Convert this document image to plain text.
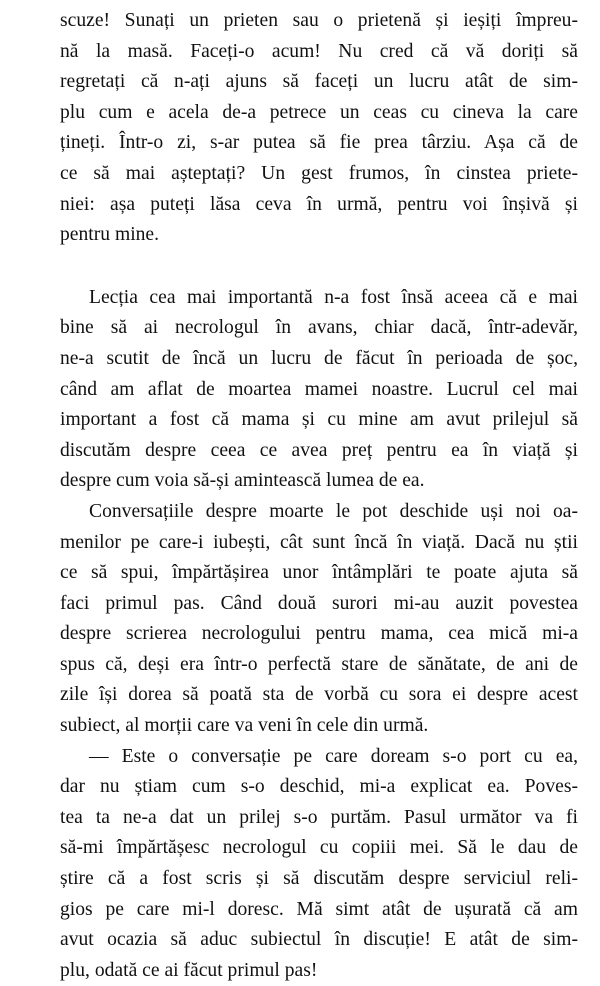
scuze! Sunați un prieten sau o prietenă și ieșiți împreu-
nă la masă. Faceți-o acum! Nu cred că vă doriți să
regretați că n-ați ajuns să faceți un lucru atât de sim-
plu cum e acela de-a petrece un ceas cu cineva la care
țineți. Într-o zi, s-ar putea să fie prea târziu. Așa că de
ce să mai așteptați? Un gest frumos, în cinstea priete-
niei: așa puteți lăsa ceva în urmă, pentru voi înșivă și
pentru mine.
Lecția cea mai importantă n-a fost însă aceea că e mai
bine să ai necrologul în avans, chiar dacă, într-adevăr,
ne-a scutit de încă un lucru de făcut în perioada de șoc,
când am aflat de moartea mamei noastre. Lucrul cel mai
important a fost că mama și cu mine am avut prilejul să
discutăm despre ceea ce avea preț pentru ea în viață și
despre cum voia să-și amintească lumea de ea.
Conversațiile despre moarte le pot deschide uși noi oa-
menilor pe care-i iubești, cât sunt încă în viață. Dacă nu știi
ce să spui, împărtășirea unor întâmplări te poate ajuta să
faci primul pas. Când două surori mi-au auzit povestea
despre scrierea necrologului pentru mama, cea mică mi-a
spus că, deși era într-o perfectă stare de sănătate, de ani de
zile își dorea să poată sta de vorbă cu sora ei despre acest
subiect, al morții care va veni în cele din urmă.
— Este o conversație pe care doream s-o port cu ea,
dar nu știam cum s-o deschid, mi-a explicat ea. Poves-
tea ta ne-a dat un prilej s-o purtăm. Pasul următor va fi
să-mi împărtășesc necrologul cu copiii mei. Să le dau de
știre că a fost scris și să discutăm despre serviciul reli-
gios pe care mi-l doresc. Mă simt atât de ușurată că am
avut ocazia să aduc subiectul în discuție! E atât de sim-
plu, odată ce ai făcut primul pas!
